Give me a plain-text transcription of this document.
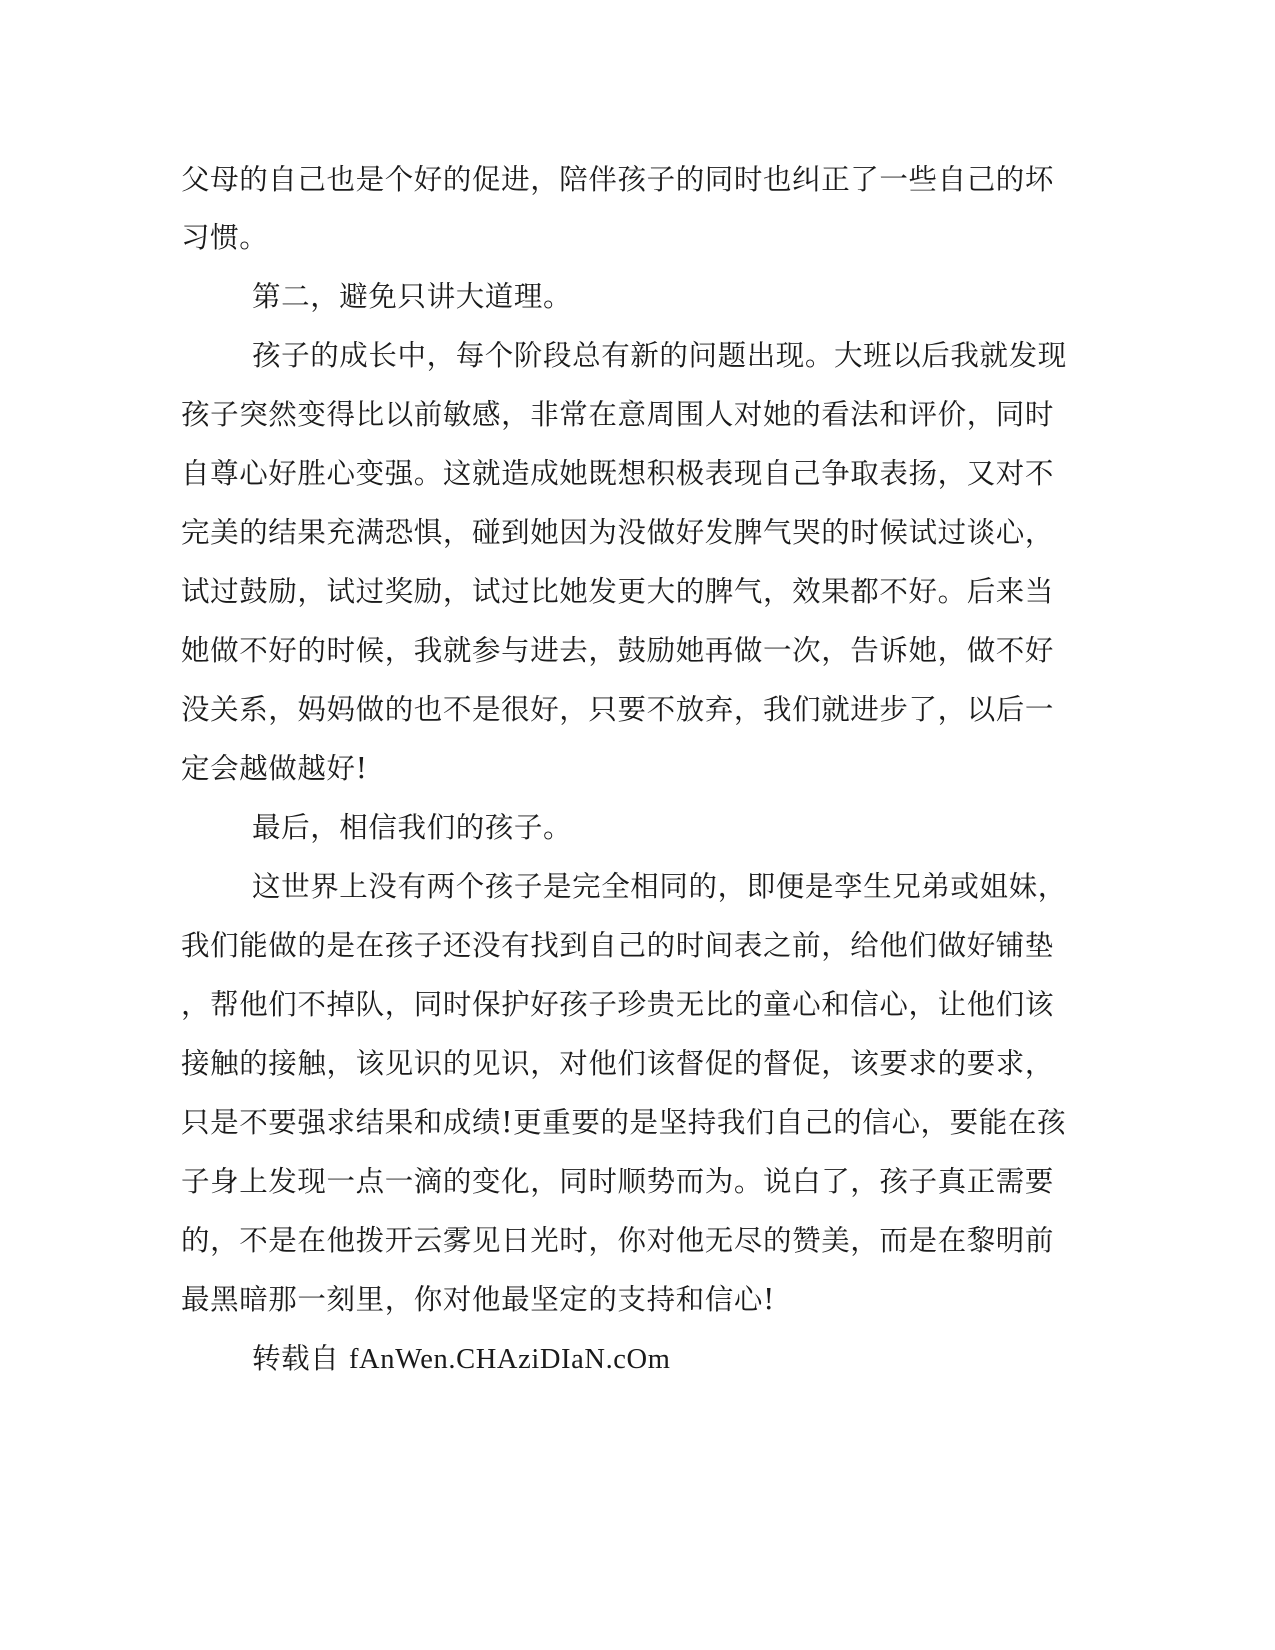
父母的自己也是个好的促进，陪伴孩子的同时也纠正了一些自己的坏
习惯。
第二，避免只讲大道理。
孩子的成长中，每个阶段总有新的问题出现。大班以后我就发现
孩子突然变得比以前敏感，非常在意周围人对她的看法和评价，同时
自尊心好胜心变强。这就造成她既想积极表现自己争取表扬，又对不
完美的结果充满恐惧，碰到她因为没做好发脾气哭的时候试过谈心，
试过鼓励，试过奖励，试过比她发更大的脾气，效果都不好。后来当
她做不好的时候，我就参与进去，鼓励她再做一次，告诉她，做不好
没关系，妈妈做的也不是很好，只要不放弃，我们就进步了，以后一
定会越做越好!
最后，相信我们的孩子。
这世界上没有两个孩子是完全相同的，即便是孪生兄弟或姐妹，
我们能做的是在孩子还没有找到自己的时间表之前，给他们做好铺垫
，帮他们不掉队，同时保护好孩子珍贵无比的童心和信心，让他们该
接触的接触，该见识的见识，对他们该督促的督促，该要求的要求，
只是不要强求结果和成绩!更重要的是坚持我们自己的信心，要能在孩
子身上发现一点一滴的变化，同时顺势而为。说白了，孩子真正需要
的，不是在他拨开云雾见日光时，你对他无尽的赞美，而是在黎明前
最黑暗那一刻里，你对他最坚定的支持和信心!
转载自 fAnWen.CHAziDIaN.cOm
